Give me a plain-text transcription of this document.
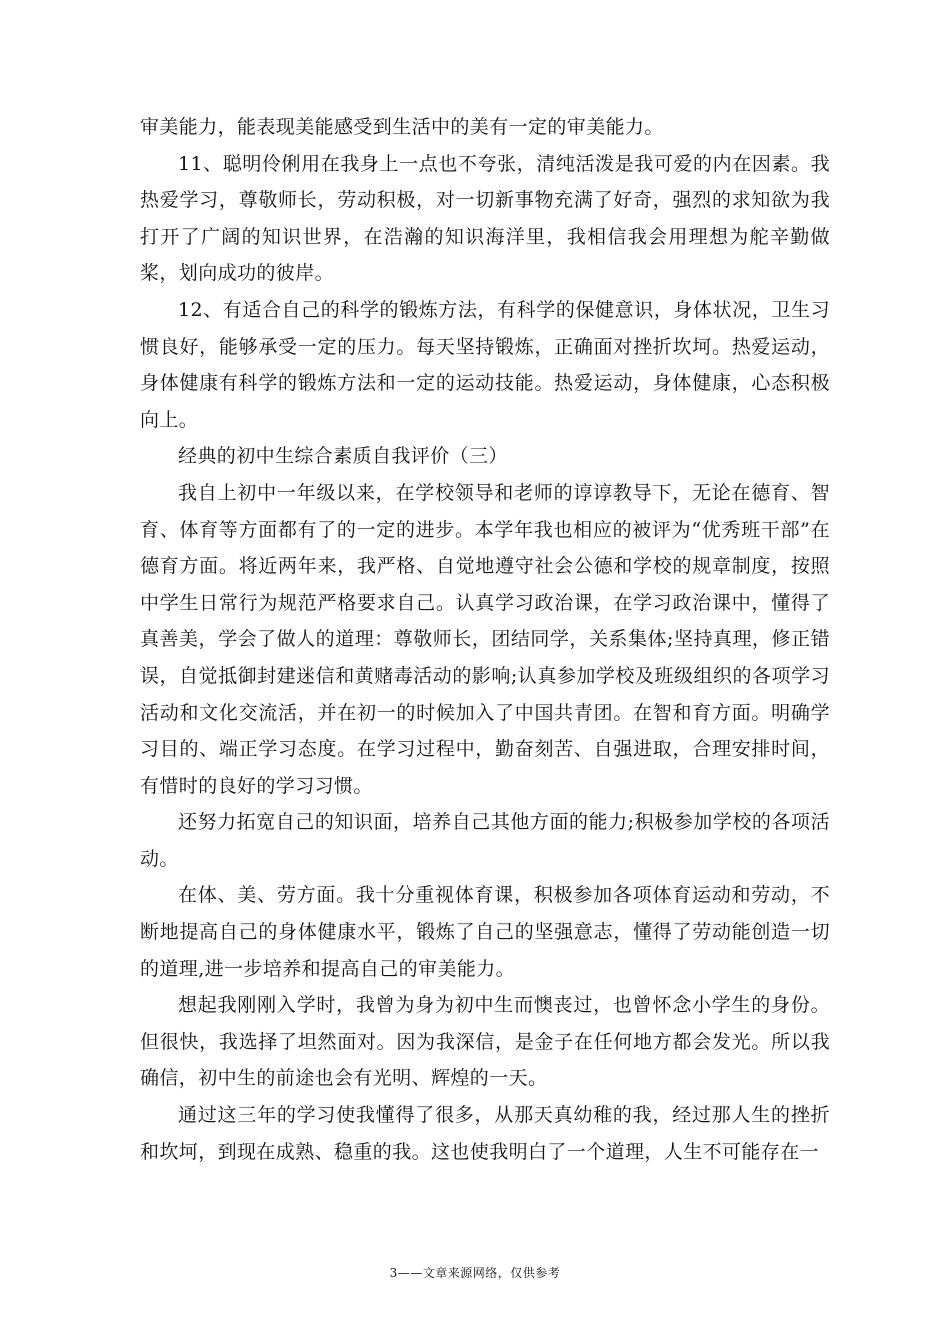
审美能力，能表现美能感受到生活中的美有一定的审美能力。

11、聪明伶俐用在我身上一点也不夸张，清纯活泼是我可爱的内在因素。我热爱学习，尊敬师长，劳动积极，对一切新事物充满了好奇，强烈的求知欲为我打开了广阔的知识世界，在浩瀚的知识海洋里，我相信我会用理想为舵辛勤做桨，划向成功的彼岸。

12、有适合自己的科学的锻炼方法，有科学的保健意识，身体状况，卫生习惯良好，能够承受一定的压力。每天坚持锻炼，正确面对挫折坎坷。热爱运动，身体健康有科学的锻炼方法和一定的运动技能。热爱运动，身体健康，心态积极向上。

经典的初中生综合素质自我评价（三）

我自上初中一年级以来，在学校领导和老师的谆谆教导下，无论在德育、智育、体育等方面都有了的一定的进步。本学年我也相应的被评为“优秀班干部”在德育方面。将近两年来，我严格、自觉地遵守社会公德和学校的规章制度，按照中学生日常行为规范严格要求自己。认真学习政治课，在学习政治课中，懂得了真善美，学会了做人的道理：尊敬师长，团结同学，关系集体;坚持真理，修正错误，自觉抵御封建迷信和黄赌毒活动的影响;认真参加学校及班级组织的各项学习活动和文化交流活，并在初一的时候加入了中国共青团。在智和育方面。明确学习目的、端正学习态度。在学习过程中，勤奋刻苦、自强进取，合理安排时间，有惜时的良好的学习习惯。

还努力拓宽自己的知识面，培养自己其他方面的能力;积极参加学校的各项活动。

在体、美、劳方面。我十分重视体育课，积极参加各项体育运动和劳动，不断地提高自己的身体健康水平，锻炼了自己的坚强意志，懂得了劳动能创造一切的道理,进一步培养和提高自己的审美能力。

想起我刚刚入学时，我曾为身为初中生而懊丧过，也曾怀念小学生的身份。但很快，我选择了坦然面对。因为我深信，是金子在任何地方都会发光。所以我确信，初中生的前途也会有光明、辉煌的一天。

通过这三年的学习使我懂得了很多，从那天真幼稚的我，经过那人生的挫折和坎坷，到现在成熟、稳重的我。这也使我明白了一个道理，人生不可能存在一

3——文章来源网络，仅供参考
